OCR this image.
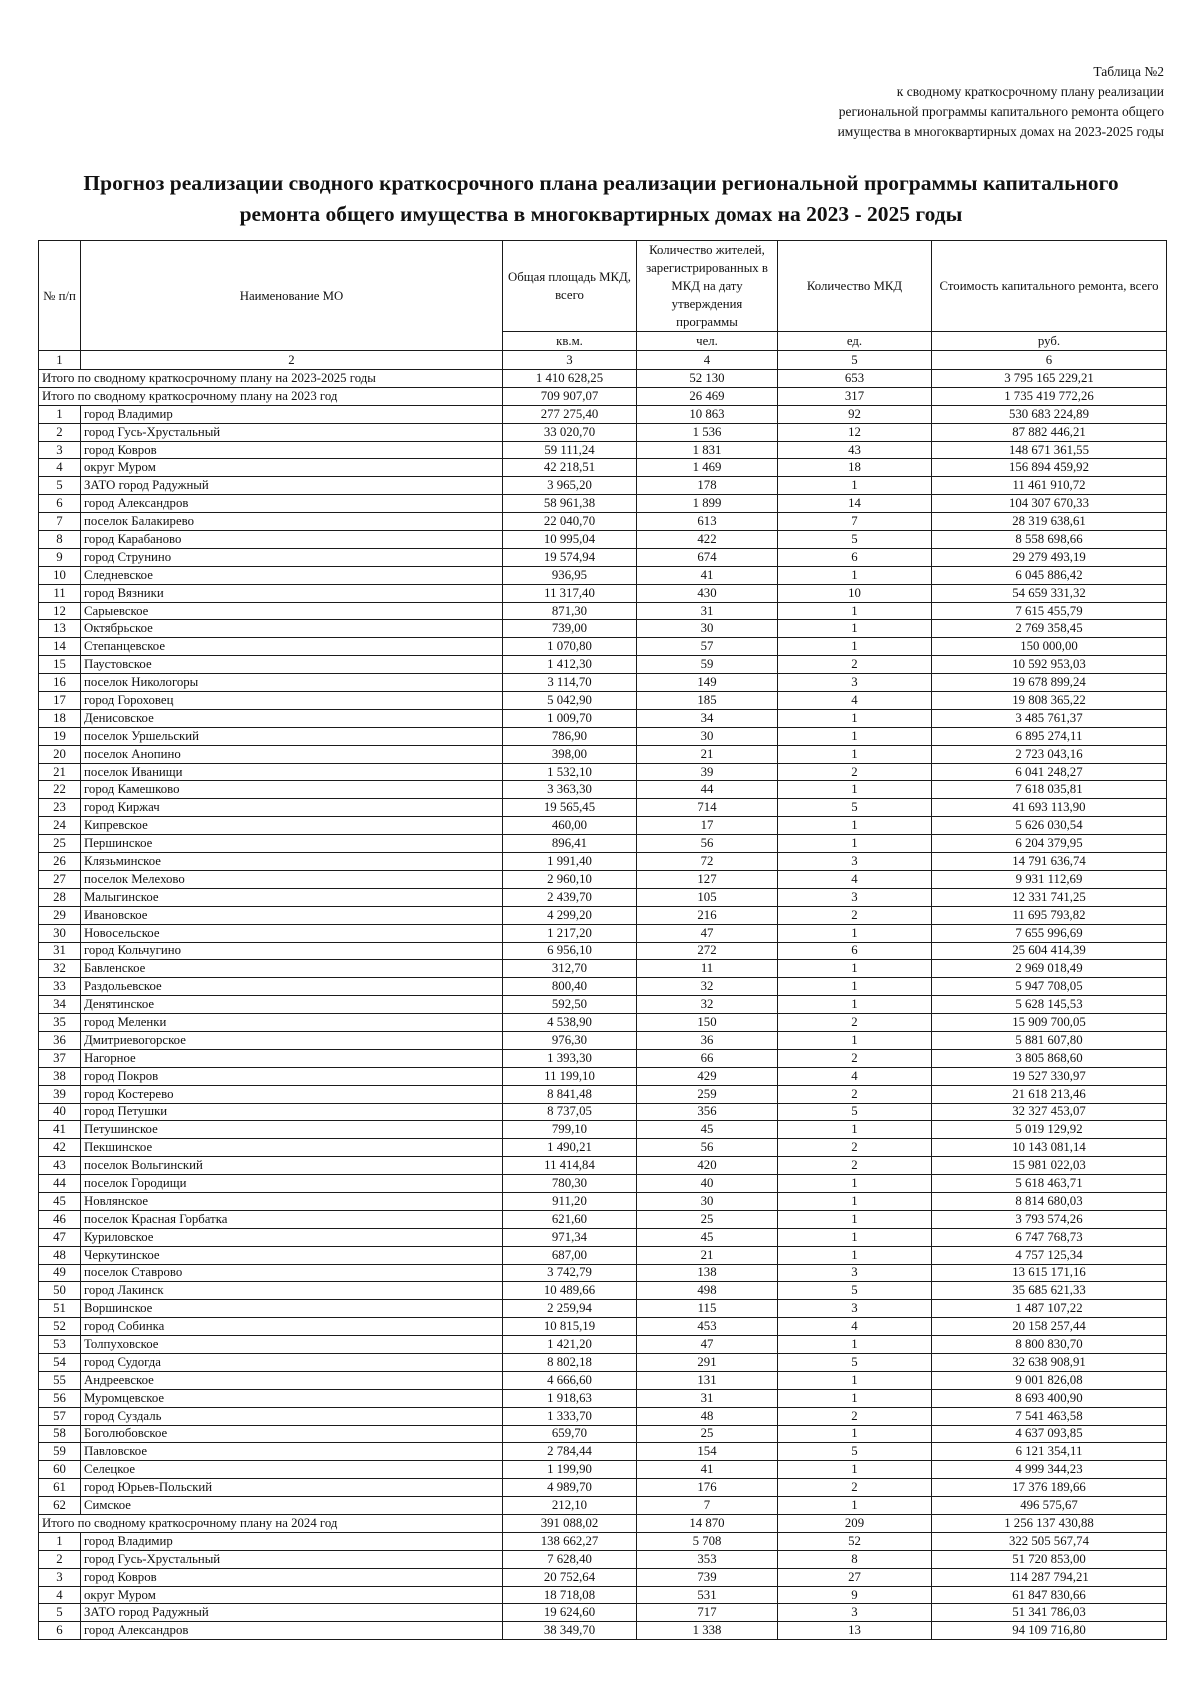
Таблица №2
к сводному краткосрочному плану реализации
региональной программы капитального ремонта общего
имущества в многоквартирных домах на 2023-2025 годы
Прогноз реализации сводного краткосрочного плана реализации региональной программы капитального
ремонта общего имущества в многоквартирных домах на 2023 - 2025 годы
№ п/п	Наименование МО	Общая площадь МКД, всего	Количество жителей, зарегистрированных в МКД на дату утверждения программы	Количество МКД	Стоимость капитального ремонта, всего
		кв.м.	чел.	ед.	руб.
1	2	3	4	5	6
Итого по сводному краткосрочному плану на 2023-2025 годы		1 410 628,25	52 130	653	3 795 165 229,21
Итого по сводному краткосрочному плану на 2023 год		709 907,07	26 469	317	1 735 419 772,26
1	город Владимир	277 275,40	10 863	92	530 683 224,89
2	город Гусь-Хрустальный	33 020,70	1 536	12	87 882 446,21
3	город Ковров	59 111,24	1 831	43	148 671 361,55
4	округ Муром	42 218,51	1 469	18	156 894 459,92
5	ЗАТО город Радужный	3 965,20	178	1	11 461 910,72
6	город Александров	58 961,38	1 899	14	104 307 670,33
7	поселок Балакирево	22 040,70	613	7	28 319 638,61
8	город Карабаново	10 995,04	422	5	8 558 698,66
9	город Струнино	19 574,94	674	6	29 279 493,19
10	Следневское	936,95	41	1	6 045 886,42
11	город Вязники	11 317,40	430	10	54 659 331,32
12	Сарыевское	871,30	31	1	7 615 455,79
13	Октябрьское	739,00	30	1	2 769 358,45
14	Степанцевское	1 070,80	57	1	150 000,00
15	Паустовское	1 412,30	59	2	10 592 953,03
16	поселок Никологоры	3 114,70	149	3	19 678 899,24
17	город Гороховец	5 042,90	185	4	19 808 365,22
18	Денисовское	1 009,70	34	1	3 485 761,37
19	поселок Уршельский	786,90	30	1	6 895 274,11
20	поселок Анопино	398,00	21	1	2 723 043,16
21	поселок Иванищи	1 532,10	39	2	6 041 248,27
22	город Камешково	3 363,30	44	1	7 618 035,81
23	город Киржач	19 565,45	714	5	41 693 113,90
24	Кипревское	460,00	17	1	5 626 030,54
25	Першинское	896,41	56	1	6 204 379,95
26	Клязьминское	1 991,40	72	3	14 791 636,74
27	поселок Мелехово	2 960,10	127	4	9 931 112,69
28	Малыгинское	2 439,70	105	3	12 331 741,25
29	Ивановское	4 299,20	216	2	11 695 793,82
30	Новосельское	1 217,20	47	1	7 655 996,69
31	город Кольчугино	6 956,10	272	6	25 604 414,39
32	Бавленское	312,70	11	1	2 969 018,49
33	Раздольевское	800,40	32	1	5 947 708,05
34	Денятинское	592,50	32	1	5 628 145,53
35	город Меленки	4 538,90	150	2	15 909 700,05
36	Дмитриевогорское	976,30	36	1	5 881 607,80
37	Нагорное	1 393,30	66	2	3 805 868,60
38	город Покров	11 199,10	429	4	19 527 330,97
39	город Костерево	8 841,48	259	2	21 618 213,46
40	город Петушки	8 737,05	356	5	32 327 453,07
41	Петушинское	799,10	45	1	5 019 129,92
42	Пекшинское	1 490,21	56	2	10 143 081,14
43	поселок Вольгинский	11 414,84	420	2	15 981 022,03
44	поселок Городищи	780,30	40	1	5 618 463,71
45	Новлянское	911,20	30	1	8 814 680,03
46	поселок Красная Горбатка	621,60	25	1	3 793 574,26
47	Куриловское	971,34	45	1	6 747 768,73
48	Черкутинское	687,00	21	1	4 757 125,34
49	поселок Ставрово	3 742,79	138	3	13 615 171,16
50	город Лакинск	10 489,66	498	5	35 685 621,33
51	Воршинское	2 259,94	115	3	1 487 107,22
52	город Собинка	10 815,19	453	4	20 158 257,44
53	Толпуховское	1 421,20	47	1	8 800 830,70
54	город Судогда	8 802,18	291	5	32 638 908,91
55	Андреевское	4 666,60	131	1	9 001 826,08
56	Муромцевское	1 918,63	31	1	8 693 400,90
57	город Суздаль	1 333,70	48	2	7 541 463,58
58	Боголюбовское	659,70	25	1	4 637 093,85
59	Павловское	2 784,44	154	5	6 121 354,11
60	Селецкое	1 199,90	41	1	4 999 344,23
61	город Юрьев-Польский	4 989,70	176	2	17 376 189,66
62	Симское	212,10	7	1	496 575,67
Итого по сводному краткосрочному плану на 2024 год		391 088,02	14 870	209	1 256 137 430,88
1	город Владимир	138 662,27	5 708	52	322 505 567,74
2	город Гусь-Хрустальный	7 628,40	353	8	51 720 853,00
3	город Ковров	20 752,64	739	27	114 287 794,21
4	округ Муром	18 718,08	531	9	61 847 830,66
5	ЗАТО город Радужный	19 624,60	717	3	51 341 786,03
6	город Александров	38 349,70	1 338	13	94 109 716,80
